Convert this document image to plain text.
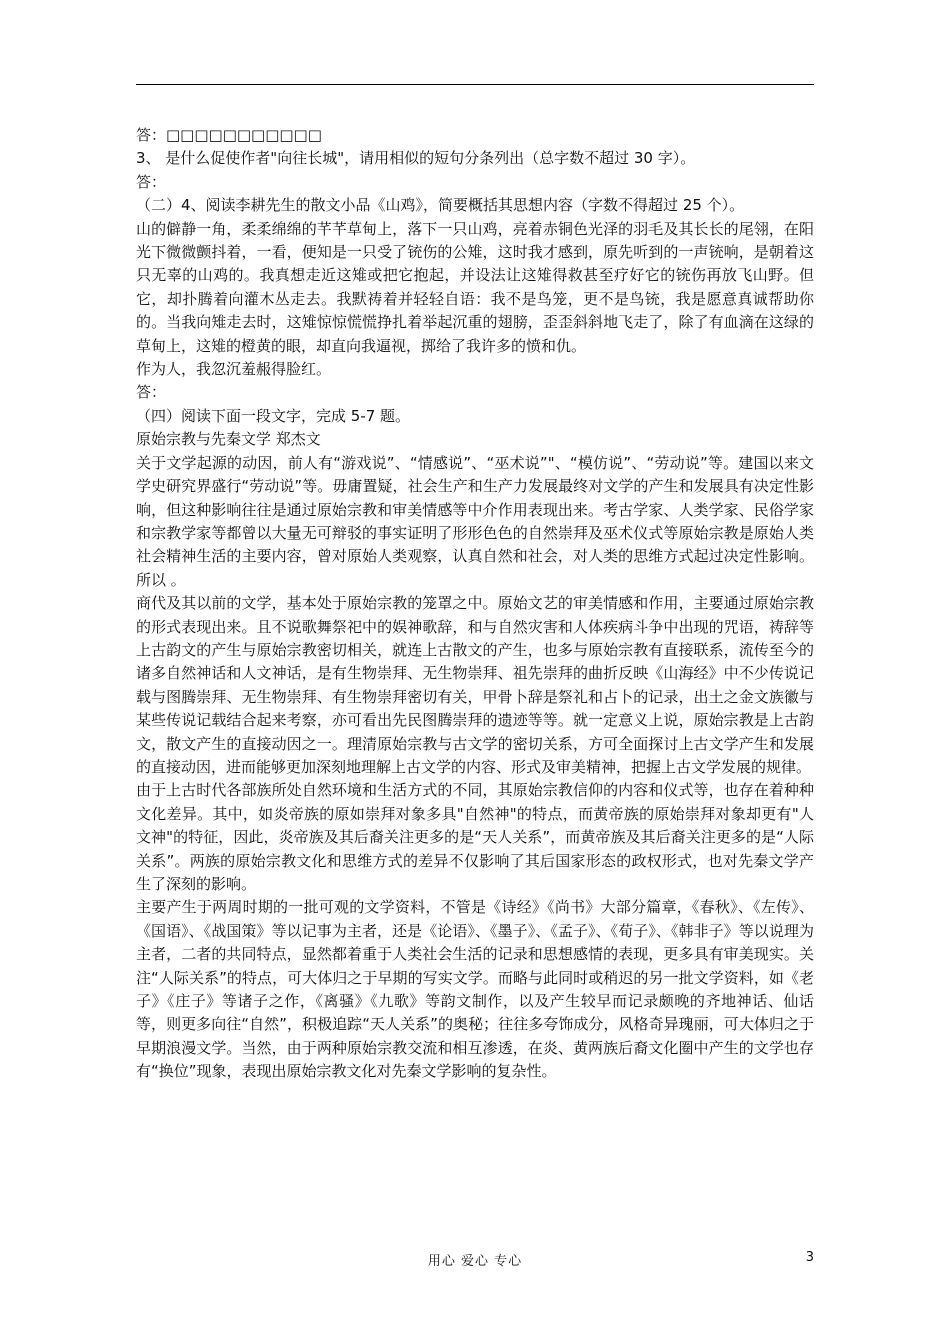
答：□□□□□□□□□□□

3、 是什么促使作者"向往长城"，请用相似的短句分条列出（总字数不超过 30 字）。

答：

（二）4、阅读李耕先生的散文小品《山鸡》，简要概括其思想内容（字数不得超过 25 个）。

山的僻静一角，柔柔绵绵的芊芊草甸上，落下一只山鸡，亮着赤铜色光泽的羽毛及其长长的尾翎，在阳光下微微颤抖着，一看，便知是一只受了铳伤的公雉，这时我才感到，原先听到的一声铳响，是朝着这只无辜的山鸡的。我真想走近这雉或把它抱起，并设法让这雉得救甚至疗好它的铳伤再放飞山野。但它，却扑腾着向灌木丛走去。我默祷着并轻轻自语：我不是鸟笼，更不是鸟铳，我是愿意真诚帮助你的。当我向雉走去时，这雉惊惊慌慌挣扎着举起沉重的翅膀，歪歪斜斜地飞走了，除了有血滴在这绿的草甸上，这雉的橙黄的眼，却直向我逼视，掷给了我许多的愤和仇。

作为人，我忽沉羞赧得脸红。

答：

（四）阅读下面一段文字，完成 5-7 题。

原始宗教与先秦文学 郑杰文

关于文学起源的动因，前人有“游戏说”、“情感说”、“巫术说”"、“模仿说”、“劳动说”等。建国以来文学史研究界盛行“劳动说”等。毋庸置疑，社会生产和生产力发展最终对文学的产生和发展具有决定性影响，但这种影响往往是通过原始宗教和审美情感等中介作用表现出来。考古学家、人类学家、民俗学家和宗教学家等都曾以大量无可辩驳的事实证明了形形色色的自然崇拜及巫术仪式等原始宗教是原始人类社会精神生活的主要内容，曾对原始人类观察，认真自然和社会，对人类的思维方式起过决定性影响。所以 。

商代及其以前的文学，基本处于原始宗教的笼罩之中。原始文艺的审美情感和作用，主要通过原始宗教的形式表现出来。且不说歌舞祭祀中的娱神歌辞，和与自然灾害和人体疾病斗争中出现的咒语，祷辞等上古韵文的产生与原始宗教密切相关，就连上古散文的产生，也多与原始宗教有直接联系，流传至今的诸多自然神话和人文神话，是有生物崇拜、无生物崇拜、祖先崇拜的曲折反映《山海经》中不少传说记载与图腾崇拜、无生物崇拜、有生物崇拜密切有关，甲骨卜辞是祭礼和占卜的记录，出土之金文族徽与某些传说记载结合起来考察，亦可看出先民图腾崇拜的遗迹等等。就一定意义上说，原始宗教是上古韵文，散文产生的直接动因之一。理清原始宗教与古文学的密切关系，方可全面探讨上古文学产生和发展的直接动因，进而能够更加深刻地理解上古文学的内容、形式及审美精神，把握上古文学发展的规律。

由于上古时代各部族所处自然环境和生活方式的不同，其原始宗教信仰的内容和仪式等，也存在着种种文化差异。其中，如炎帝族的原如崇拜对象多具"自然神"的特点，而黄帝族的原始崇拜对象却更有"人文神"的特征，因此，炎帝族及其后裔关注更多的是“天人关系”，而黄帝族及其后裔关注更多的是“人际关系”。两族的原始宗教文化和思维方式的差异不仅影响了其后国家形态的政权形式，也对先秦文学产生了深刻的影响。

主要产生于两周时期的一批可观的文学资料，不管是《诗经》《尚书》大部分篇章，《春秋》、《左传》、《国语》、《战国策》等以记事为主者，还是《论语》、《墨子》、《孟子》、《荀子》、《韩非子》等以说理为主者，二者的共同特点，显然都着重于人类社会生活的记录和思想感情的表现，更多具有审美现实。关注“人际关系”的特点，可大体归之于早期的写实文学。而略与此同时或稍迟的另一批文学资料，如《老子》《庄子》等诸子之作，《离骚》《九歌》等韵文制作，以及产生较早而记录颇晚的齐地神话、仙话等，则更多向往“自然”，积极追踪“天人关系”的奥秘；往往多夸饰成分，风格奇异瑰丽，可大体归之于早期浪漫文学。当然，由于两种原始宗教交流和相互渗透，在炎、黄两族后裔文化圈中产生的文学也存有“换位”现象，表现出原始宗教文化对先秦文学影响的复杂性。

用心 爱心 专心	3
